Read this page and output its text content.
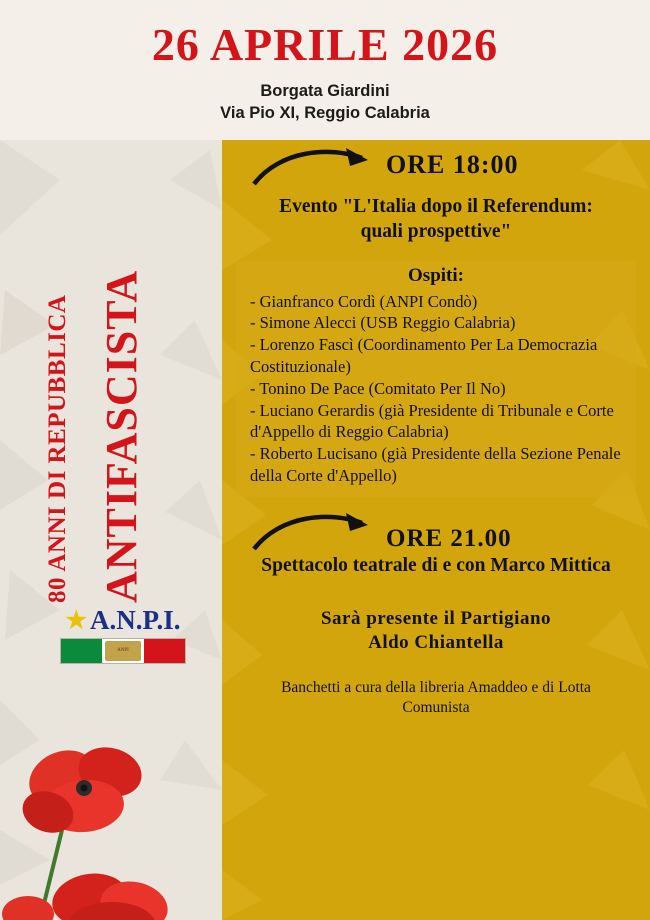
26 APRILE 2026
Borgata Giardini
Via Pio XI, Reggio Calabria
80 ANNI DI REPUBBLICA ANTIFASCISTA
★ A.N.P.I.
ANPI
ORE 18:00
Evento "L'Italia dopo il Referendum:
quali prospettive"
Ospiti:
- Gianfranco Cordì (ANPI Condò)
- Simone Alecci (USB Reggio Calabria)
- Lorenzo Fascì (Coordinamento Per La Democrazia Costituzionale)
- Tonino De Pace (Comitato Per Il No)
- Luciano Gerardis (già Presidente di Tribunale e Corte d'Appello di Reggio Calabria)
- Roberto Lucisano (già Presidente della Sezione Penale della Corte d'Appello)
ORE 21.00
Spettacolo teatrale di e con Marco Mittica
Sarà presente il Partigiano
Aldo Chiantella
Banchetti a cura della libreria Amaddeo e di Lotta
Comunista
